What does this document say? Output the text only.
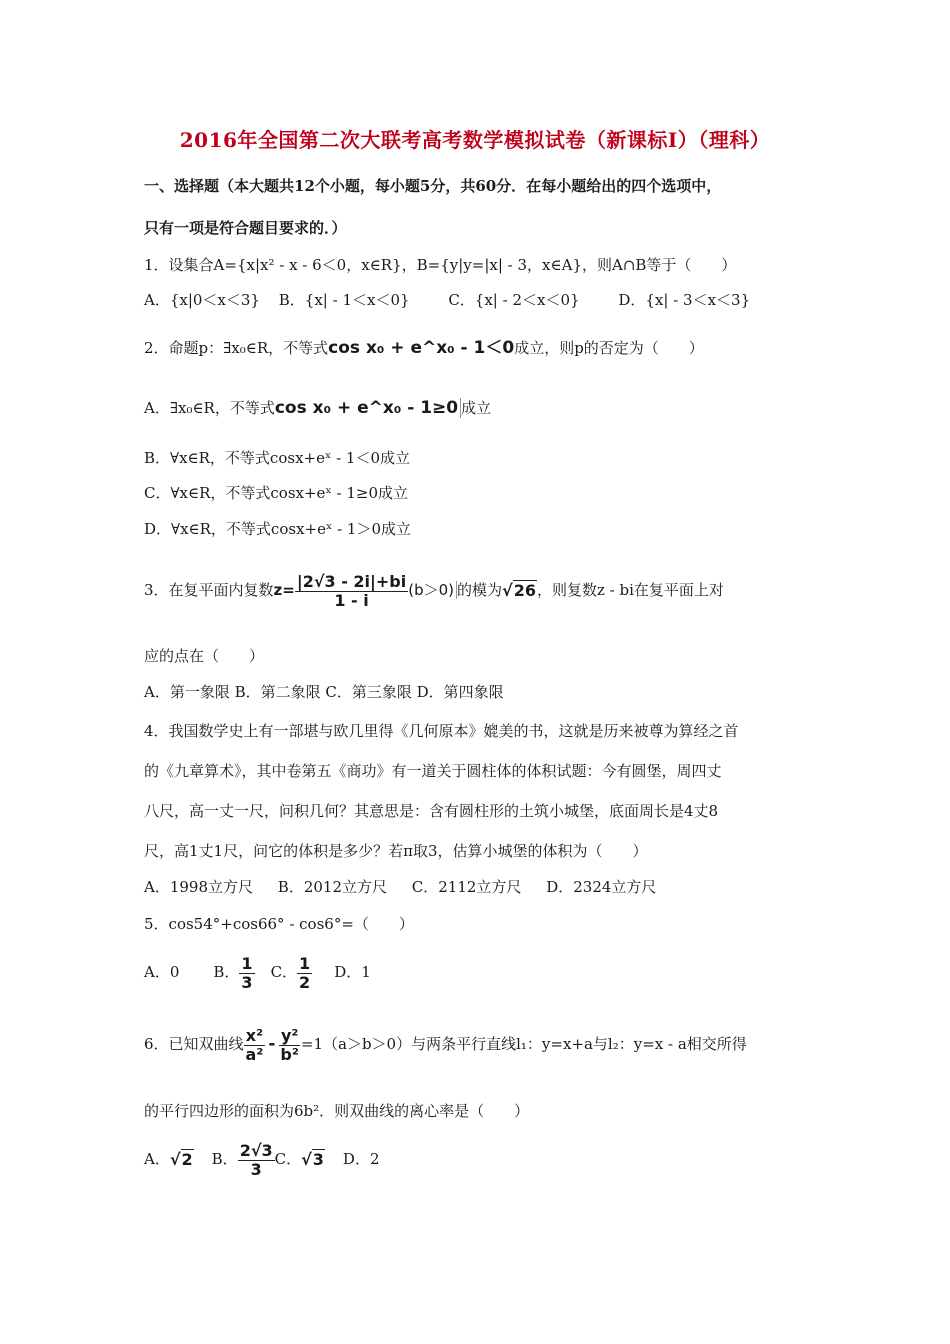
2016年全国第二次大联考高考数学模拟试卷（新课标Ⅰ）（理科）
一、选择题（本大题共12个小题，每小题5分，共60分．在每小题给出的四个选项中，
只有一项是符合题目要求的．）
1．设集合A={x|x² - x - 6＜0，x∈R}，B={y|y=|x| - 3，x∈A}，则A∩B等于（　　）
A．{x|0＜x＜3} B．{x| - 1＜x＜0}	C．{x| - 2＜x＜0}	D．{x| - 3＜x＜3}
2．命题p：∃x₀∈R，不等式cos x₀ + e^x₀ - 1＜0成立，则p的否定为（　　）
A．∃x₀∈R，不等式cos x₀ + e^x₀ - 1≥0 成立
B．∀x∈R，不等式cosx+eˣ - 1＜0成立
C．∀x∈R，不等式cosx+eˣ - 1≥0成立
D．∀x∈R，不等式cosx+eˣ - 1＞0成立
3．在复平面内复数$z= \frac{|2√3 - 2i|+bi}{1 - i} (b>0)$ 的模为√26，则复数z - bi在复平面上对
应的点在（　　）
A．第一象限 B．第二象限 C．第三象限 D．第四象限
4．我国数学史上有一部堪与欧几里得《几何原本》媲美的书，这就是历来被尊为算经之首
的《九章算术》，其中卷第五《商功》有一道关于圆柱体的体积试题：今有圆堡，周四丈
八尺，高一丈一尺，问积几何？其意思是：含有圆柱形的土筑小城堡，底面周长是4丈8
尺，高1丈1尺，问它的体积是多少？若π取3，估算小城堡的体积为（　　）
A．1998立方尺 B．2012立方尺 C．2112立方尺 D．2324立方尺
5．cos54°+cos66° - cos6°=（　　）
A．0 B． $\frac{1}{3}$ C． $\frac{1}{2}$ D．1
6．已知双曲线 $\frac{\text{x²}}{\text{a²}} - \frac{\text{y²}}{\text{b²}} =1(a>b>0)$与两条平行直线l₁：y=x+a与l₂：y=x - a相交所得
的平行四边形的面积为6b²．则双曲线的离心率是（　　）
A．√2 B． $\frac{2√3}{3}$ C．√3 D．2
